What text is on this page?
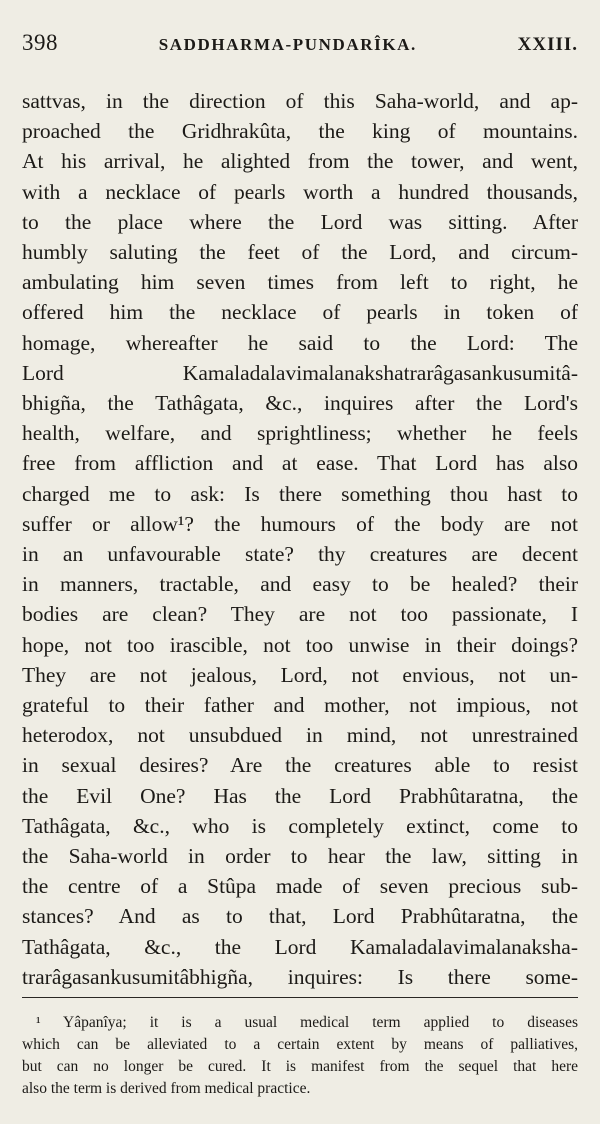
398	SADDHARMA-PUNDARÎKA.	XXIII.
sattvas, in the direction of this Saha-world, and ap-
proached the Gridhrakûta, the king of mountains.
At his arrival, he alighted from the tower, and went,
with a necklace of pearls worth a hundred thousands,
to the place where the Lord was sitting. After
humbly saluting the feet of the Lord, and circum-
ambulating him seven times from left to right, he
offered him the necklace of pearls in token of
homage, whereafter he said to the Lord: The
Lord Kamaladalavimalanakshatrarâgasankusumitâ-
bhigña, the Tathâgata, &c., inquires after the Lord's
health, welfare, and sprightliness; whether he feels
free from affliction and at ease. That Lord has also
charged me to ask: Is there something thou hast to
suffer or allow¹? the humours of the body are not
in an unfavourable state? thy creatures are decent
in manners, tractable, and easy to be healed? their
bodies are clean? They are not too passionate, I
hope, not too irascible, not too unwise in their doings?
They are not jealous, Lord, not envious, not un-
grateful to their father and mother, not impious, not
heterodox, not unsubdued in mind, not unrestrained
in sexual desires? Are the creatures able to resist
the Evil One? Has the Lord Prabhûtaratna, the
Tathâgata, &c., who is completely extinct, come to
the Saha-world in order to hear the law, sitting in
the centre of a Stûpa made of seven precious sub-
stances? And as to that, Lord Prabhûtaratna, the
Tathâgata, &c., the Lord Kamaladalavimalanaksha-
trarâgasankusumitâbhigña, inquires: Is there some-
¹ Yâpanîya; it is a usual medical term applied to diseases
which can be alleviated to a certain extent by means of palliatives,
but can no longer be cured. It is manifest from the sequel that here
also the term is derived from medical practice.
